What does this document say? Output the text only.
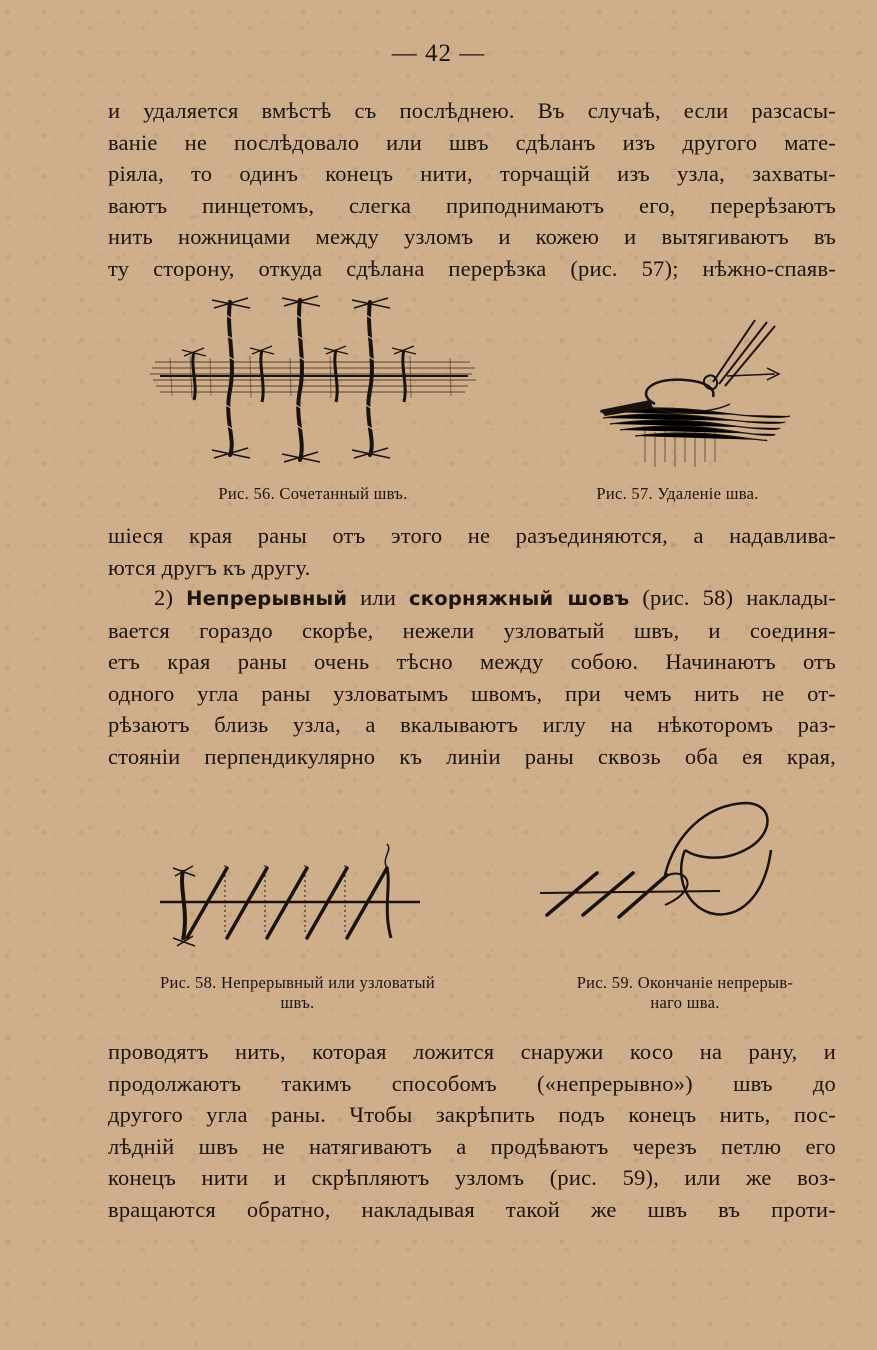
— 42 —
и удаляется вмѣстѣ съ послѣднею. Въ случаѣ, если разсасы-
ваніе не послѣдовало или швъ сдѣланъ изъ другого мате-
ріяла, то одинъ конецъ нити, торчащій изъ узла, захваты-
ваютъ пинцетомъ, слегка приподнимаютъ его, перерѣзаютъ
нить ножницами между узломъ и кожею и вытягиваютъ въ
ту сторону, откуда сдѣлана перерѣзка (рис. 57); нѣжно-спаяв-
Рис. 56. Сочетанный швъ.	Рис. 57. Удаленіе шва.
шіеся края раны отъ этого не разъединяются, а надавлива-
ются другъ къ другу.
2) Непрерывный или скорняжный шовъ (рис. 58) наклады-
вается гораздо скорѣе, нежели узловатый швъ, и соединя-
етъ края раны очень тѣсно между собою. Начинаютъ отъ
одного угла раны узловатымъ швомъ, при чемъ нить не от-
рѣзаютъ близь узла, а вкалываютъ иглу на нѣкоторомъ раз-
стояніи перпендикулярно къ линіи раны сквозь оба ея края,
Рис. 58. Непрерывный или узловатый
швъ.
Рис. 59. Окончаніе непрерыв-
наго шва.
проводятъ нить, которая ложится снаружи косо на рану, и
продолжаютъ такимъ способомъ («непрерывно») швъ до
другого угла раны. Чтобы закрѣпить подъ конецъ нить, пос-
лѣдній швъ не натягиваютъ а продѣваютъ черезъ петлю его
конецъ нити и скрѣпляютъ узломъ (рис. 59), или же воз-
вращаются обратно, накладывая такой же швъ въ проти-
